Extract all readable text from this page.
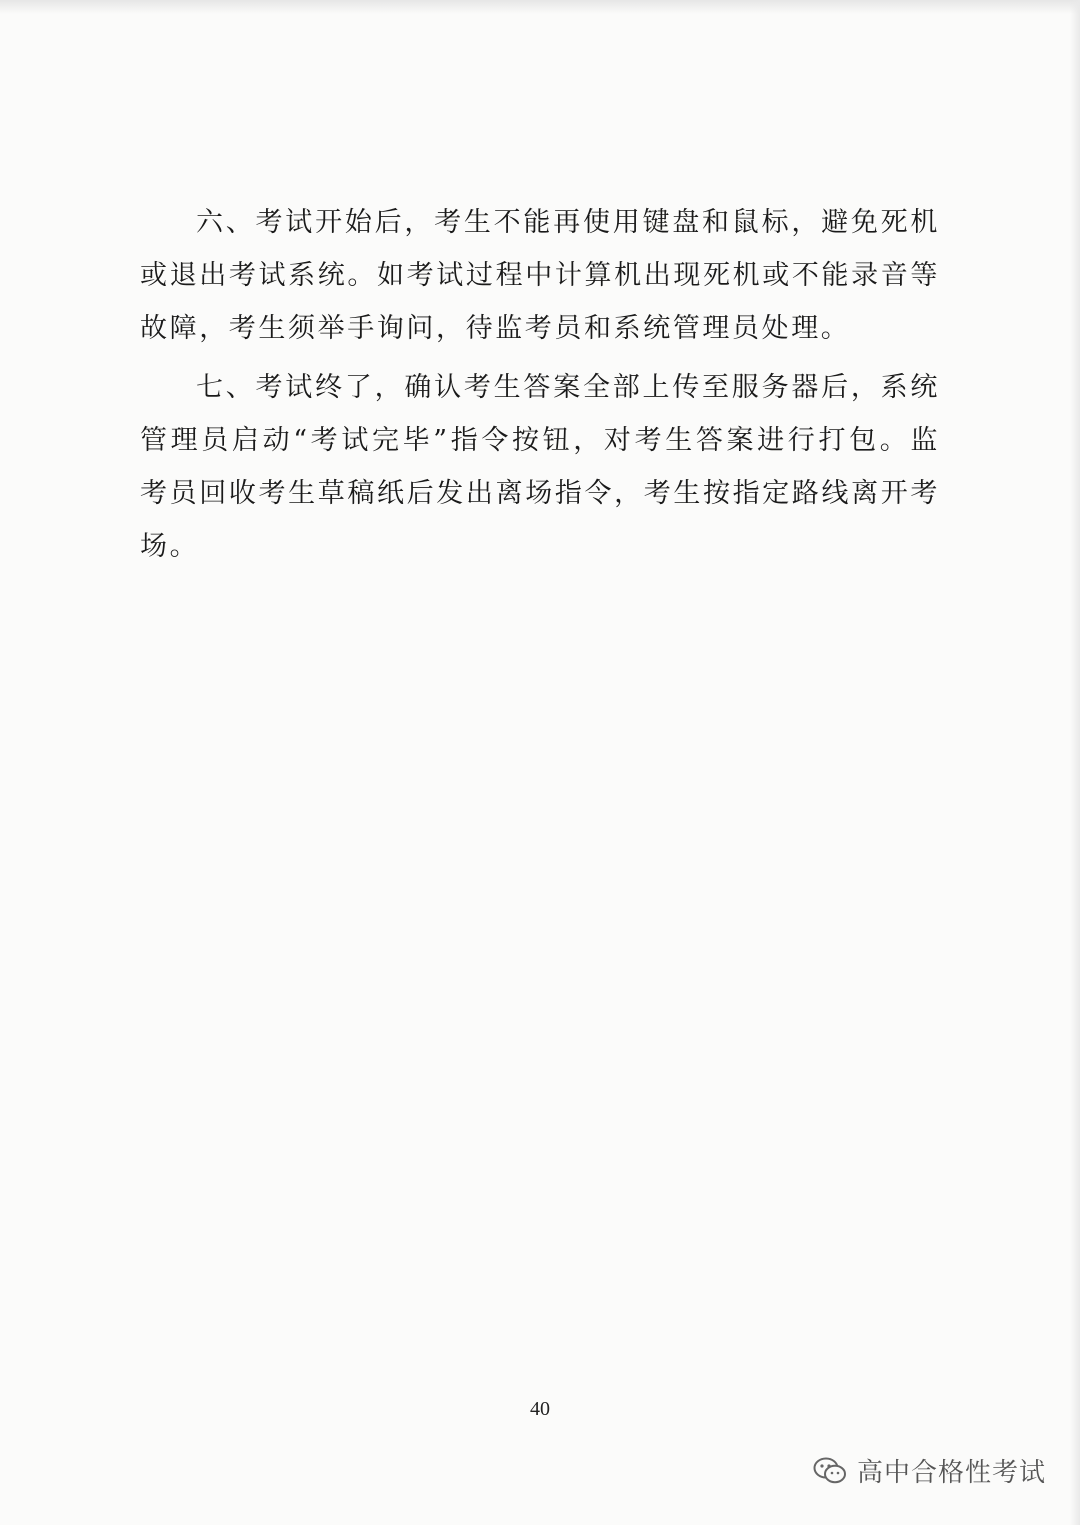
六、考试开始后，考生不能再使用键盘和鼠标，避免死机或退出考试系统。如考试过程中计算机出现死机或不能录音等故障，考生须举手询问，待监考员和系统管理员处理。

七、考试终了，确认考生答案全部上传至服务器后，系统管理员启动“考试完毕”指令按钮，对考生答案进行打包。监考员回收考生草稿纸后发出离场指令，考生按指定路线离开考场。

40
高中合格性考试
